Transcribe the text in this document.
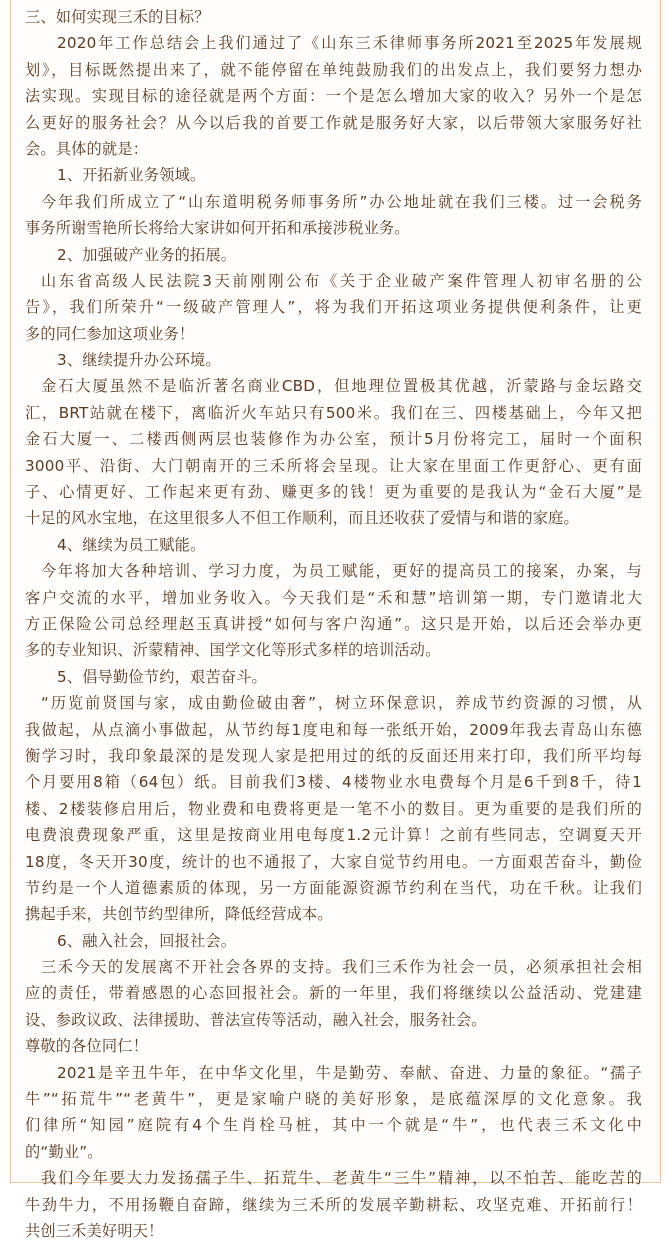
三、如何实现三禾的目标？
2020年工作总结会上我们通过了《山东三禾律师事务所2021至2025年发展规
划》，目标既然提出来了，就不能停留在单纯鼓励我们的出发点上，我们要努力想办
法实现。实现目标的途径就是两个方面：一个是怎么增加大家的收入？另外一个是怎
么更好的服务社会？从今以后我的首要工作就是服务好大家，以后带领大家服务好社
会。具体的就是：
1、开拓新业务领域。
今年我们所成立了“山东道明税务师事务所”办公地址就在我们三楼。过一会税务
事务所谢雪艳所长将给大家讲如何开拓和承接涉税业务。
2、加强破产业务的拓展。
山东省高级人民法院3天前刚刚公布《关于企业破产案件管理人初审名册的公
告》，我们所荣升“一级破产管理人”，将为我们开拓这项业务提供便利条件，让更
多的同仁参加这项业务！
3、继续提升办公环境。
金石大厦虽然不是临沂著名商业CBD，但地理位置极其优越，沂蒙路与金坛路交
汇，BRT站就在楼下，离临沂火车站只有500米。我们在三、四楼基础上，今年又把
金石大厦一、二楼西侧两层也装修作为办公室，预计5月份将完工，届时一个面积
3000平、沿街、大门朝南开的三禾所将会呈现。让大家在里面工作更舒心、更有面
子、心情更好、工作起来更有劲、赚更多的钱！更为重要的是我认为“金石大厦”是
十足的风水宝地，在这里很多人不但工作顺利，而且还收获了爱情与和谐的家庭。
4、继续为员工赋能。
今年将加大各种培训、学习力度，为员工赋能，更好的提高员工的接案，办案，与
客户交流的水平，增加业务收入。今天我们是“禾和慧”培训第一期，专门邀请北大
方正保险公司总经理赵玉真讲授“如何与客户沟通”。这只是开始，以后还会举办更
多的专业知识、沂蒙精神、国学文化等形式多样的培训活动。
5、倡导勤俭节约，艰苦奋斗。
“历览前贤国与家，成由勤俭破由奢”，树立环保意识，养成节约资源的习惯，从
我做起，从点滴小事做起，从节约每1度电和每一张纸开始，2009年我去青岛山东德
衡学习时，我印象最深的是发现人家是把用过的纸的反面还用来打印，我们所平均每
个月要用8箱（64包）纸。目前我们3楼、4楼物业水电费每个月是6千到8千，待1
楼、2楼装修启用后，物业费和电费将更是一笔不小的数目。更为重要的是我们所的
电费浪费现象严重，这里是按商业用电每度1.2元计算！之前有些同志，空调夏天开
18度，冬天开30度，统计的也不通报了，大家自觉节约用电。一方面艰苦奋斗，勤俭
节约是一个人道德素质的体现，另一方面能源资源节约利在当代，功在千秋。让我们
携起手来，共创节约型律所，降低经营成本。
6、融入社会，回报社会。
三禾今天的发展离不开社会各界的支持。我们三禾作为社会一员，必须承担社会相
应的责任，带着感恩的心态回报社会。新的一年里，我们将继续以公益活动、党建建
设、参政议政、法律援助、普法宣传等活动，融入社会，服务社会。
尊敬的各位同仁！
2021是辛丑牛年，在中华文化里，牛是勤劳、奉献、奋进、力量的象征。“孺子
牛”“拓荒牛”“老黄牛”，更是家喻户晓的美好形象，是底蕴深厚的文化意象。我
们律所“知园”庭院有4个生肖栓马桩，其中一个就是“牛”，也代表三禾文化中
的“勤业”。
我们今年要大力发扬孺子牛、拓荒牛、老黄牛“三牛”精神，以不怕苦、能吃苦的
牛劲牛力，不用扬鞭自奋蹄，继续为三禾所的发展辛勤耕耘、攻坚克难、开拓前行！
共创三禾美好明天！
